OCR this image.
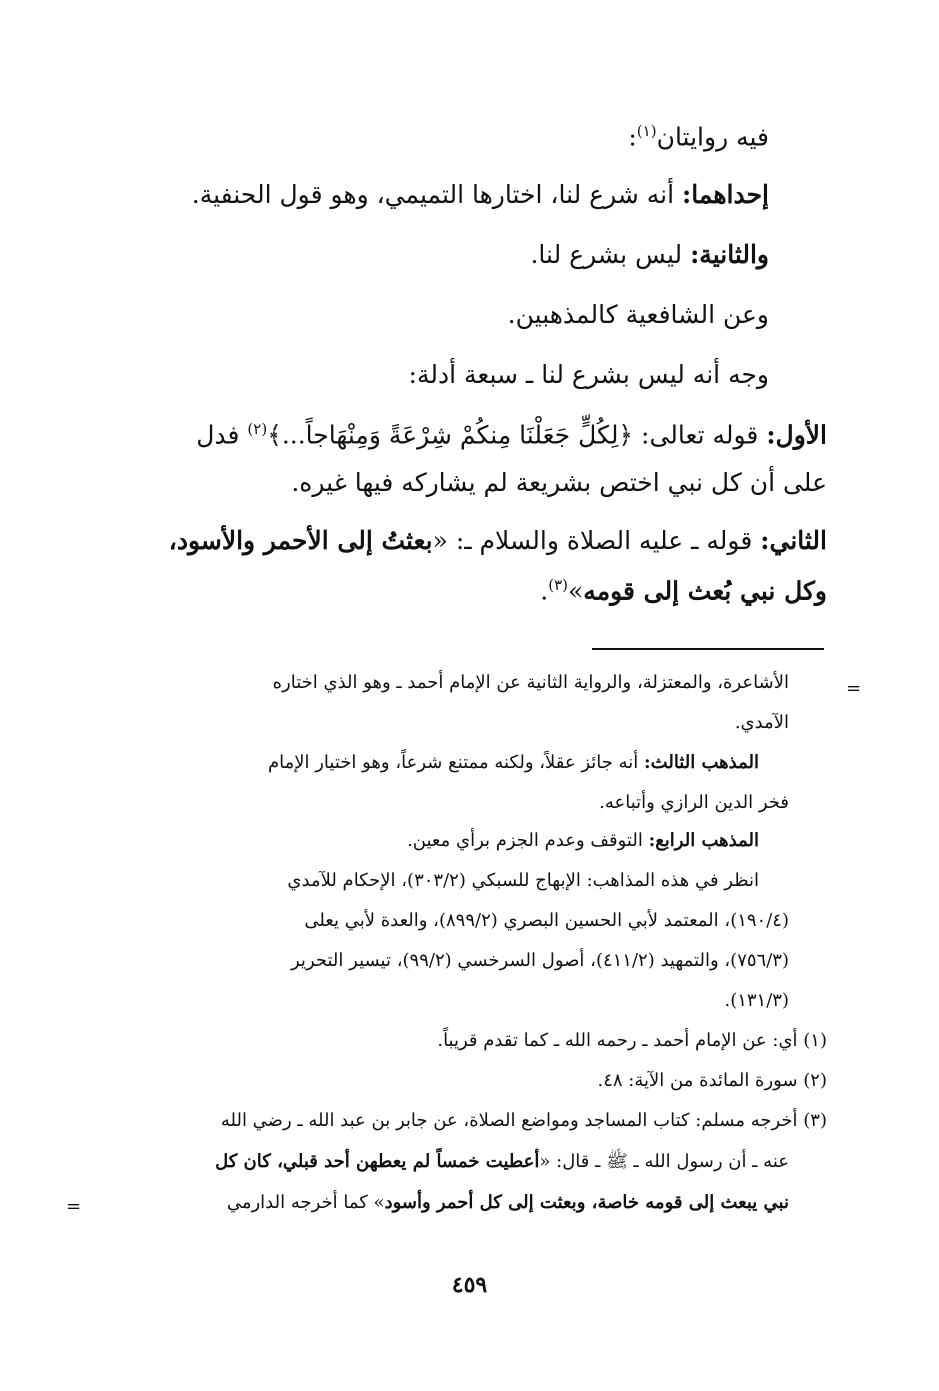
فيه روايتان$^{(١)}$:
إحداهما: أنه شرع لنا، اختارها التميمي، وهو قول الحنفية.
والثانية: ليس بشرع لنا.
وعن الشافعية كالمذهبين.
وجه أنه ليس بشرع لنا ـ سبعة أدلة:
الأول: قوله تعالى: ﴿لِكُلٍّ جَعَلْنَا مِنكُمْ شِرْعَةً وَمِنْهَاجاً...﴾$^{(٢)}$ فدل
على أن كل نبي اختص بشريعة لم يشاركه فيها غيره.
الثاني: قوله ـ عليه الصلاة والسلام ـ: «بعثتُ إلى الأحمر والأسود،
وكل نبي بُعث إلى قومه»$^{(٣)}$.
=
الأشاعرة، والمعتزلة، والرواية الثانية عن الإمام أحمد ـ وهو الذي اختاره
الآمدي.
المذهب الثالث: أنه جائز عقلاً، ولكنه ممتنع شرعاً، وهو اختيار الإمام
فخر الدين الرازي وأتباعه.
المذهب الرابع: التوقف وعدم الجزم برأي معين.
انظر في هذه المذاهب: الإبهاج للسبكي (٣٠٣/٢)، الإحكام للآمدي
(١٩٠/٤)، المعتمد لأبي الحسين البصري (٨٩٩/٢)، والعدة لأبي يعلى
(٧٥٦/٣)، والتمهيد (٤١١/٢)، أصول السرخسي (٩٩/٢)، تيسير التحرير
(١٣١/٣).
(١) أي: عن الإمام أحمد ـ رحمه الله ـ كما تقدم قريباً.
(٢) سورة المائدة من الآية: ٤٨.
(٣) أخرجه مسلم: كتاب المساجد ومواضع الصلاة، عن جابر بن عبد الله ـ رضي الله
عنه ـ أن رسول الله ـ ﷺ ـ قال: «أعطيت خمساً لم يعطهن أحد قبلي، كان كل
نبي يبعث إلى قومه خاصة، وبعثت إلى كل أحمر وأسود» كما أخرجه الدارمي
=
٤٥٩
